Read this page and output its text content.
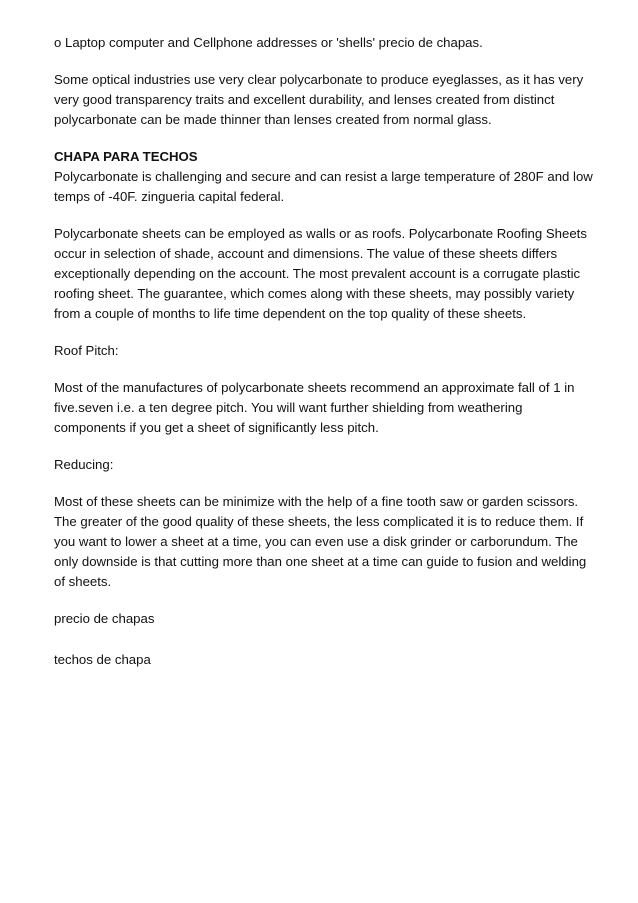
o Laptop computer and Cellphone addresses or 'shells' precio de chapas.

Some optical industries use very clear polycarbonate to produce eyeglasses, as it has very very good transparency traits and excellent durability, and lenses created from distinct polycarbonate can be made thinner than lenses created from normal glass.

CHAPA PARA TECHOS

Polycarbonate is challenging and secure and can resist a large temperature of 280F and low temps of -40F. zingueria capital federal.

Polycarbonate sheets can be employed as walls or as roofs. Polycarbonate Roofing Sheets occur in selection of shade, account and dimensions. The value of these sheets differs exceptionally depending on the account. The most prevalent account is a corrugate plastic roofing sheet. The guarantee, which comes along with these sheets, may possibly variety from a couple of months to life time dependent on the top quality of these sheets.

Roof Pitch:

Most of the manufactures of polycarbonate sheets recommend an approximate fall of 1 in five.seven i.e. a ten degree pitch. You will want further shielding from weathering components if you get a sheet of significantly less pitch.

Reducing:

Most of these sheets can be minimize with the help of a fine tooth saw or garden scissors. The greater of the good quality of these sheets, the less complicated it is to reduce them. If you want to lower a sheet at a time, you can even use a disk grinder or carborundum. The only downside is that cutting more than one sheet at a time can guide to fusion and welding of sheets.

precio de chapas

techos de chapa
